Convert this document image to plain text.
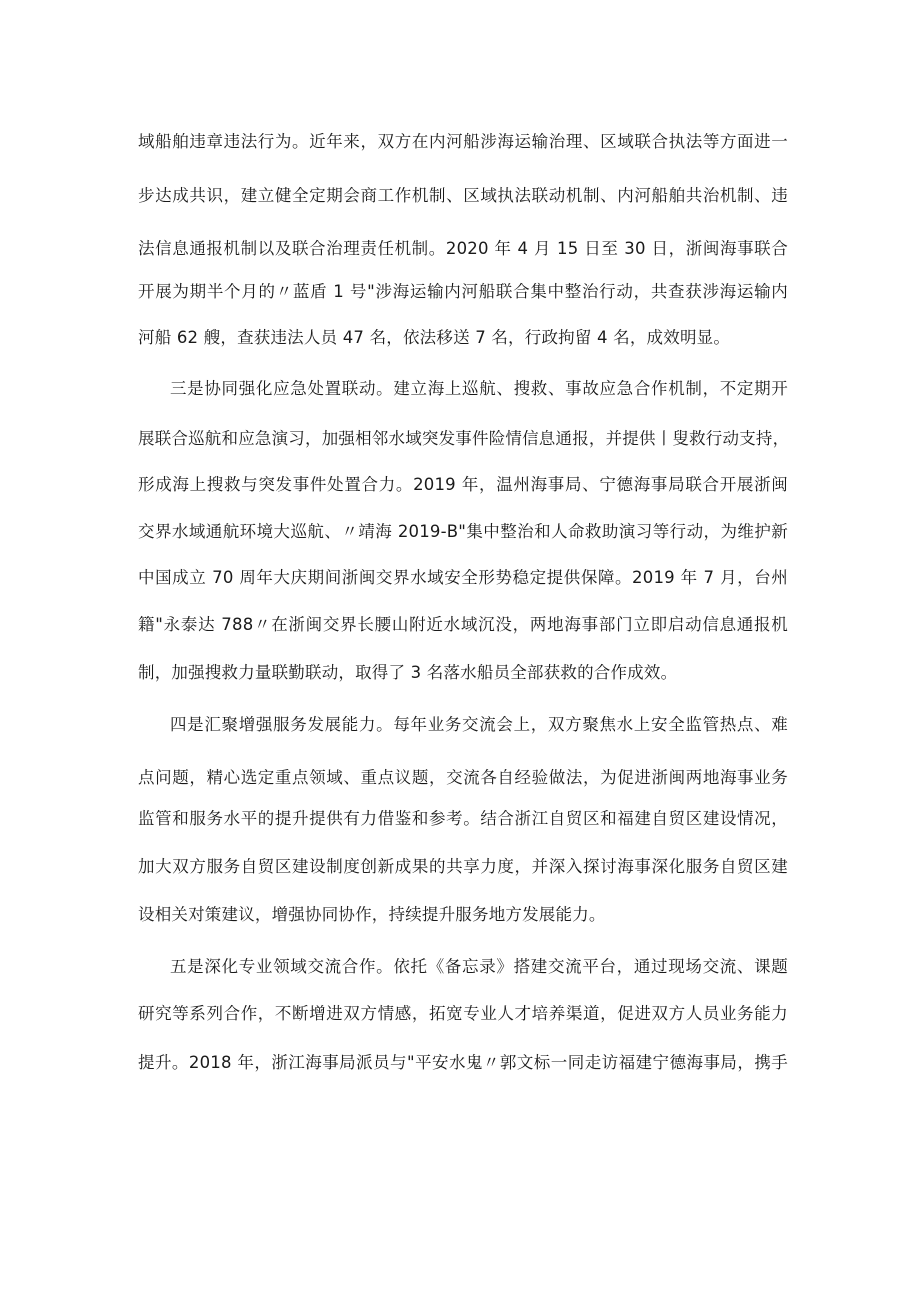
域船舶违章违法行为。近年来，双方在内河船涉海运输治理、区域联合执法等方面进一
步达成共识，建立健全定期会商工作机制、区域执法联动机制、内河船舶共治机制、违
法信息通报机制以及联合治理责任机制。2020 年 4 月 15 日至 30 日，浙闽海事联合
开展为期半个月的〃蓝盾 1 号"涉海运输内河船联合集中整治行动，共查获涉海运输内
河船 62 艘，查获违法人员 47 名，依法移送 7 名，行政拘留 4 名，成效明显。
三是协同强化应急处置联动。建立海上巡航、搜救、事故应急合作机制，不定期开
展联合巡航和应急演习，加强相邻水域突发事件险情信息通报，并提供丨叟救行动支持，
形成海上搜救与突发事件处置合力。2019 年，温州海事局、宁德海事局联合开展浙闽
交界水域通航环境大巡航、〃靖海 2019-B"集中整治和人命救助演习等行动，为维护新
中国成立 70 周年大庆期间浙闽交界水域安全形势稳定提供保障。2019 年 7 月，台州
籍"永泰达 788〃在浙闽交界长腰山附近水域沉没，两地海事部门立即启动信息通报机
制，加强搜救力量联勤联动，取得了 3 名落水船员全部获救的合作成效。
四是汇聚增强服务发展能力。每年业务交流会上，双方聚焦水上安全监管热点、难
点问题，精心选定重点领域、重点议题，交流各自经验做法，为促进浙闽两地海事业务
监管和服务水平的提升提供有力借鉴和参考。结合浙江自贸区和福建自贸区建设情况，
加大双方服务自贸区建设制度创新成果的共享力度，并深入探讨海事深化服务自贸区建
设相关对策建议，增强协同协作，持续提升服务地方发展能力。
五是深化专业领域交流合作。依托《备忘录》搭建交流平台，通过现场交流、课题
研究等系列合作，不断增进双方情感，拓宽专业人才培养渠道，促进双方人员业务能力
提升。2018 年，浙江海事局派员与"平安水鬼〃郭文标一同走访福建宁德海事局，携手
